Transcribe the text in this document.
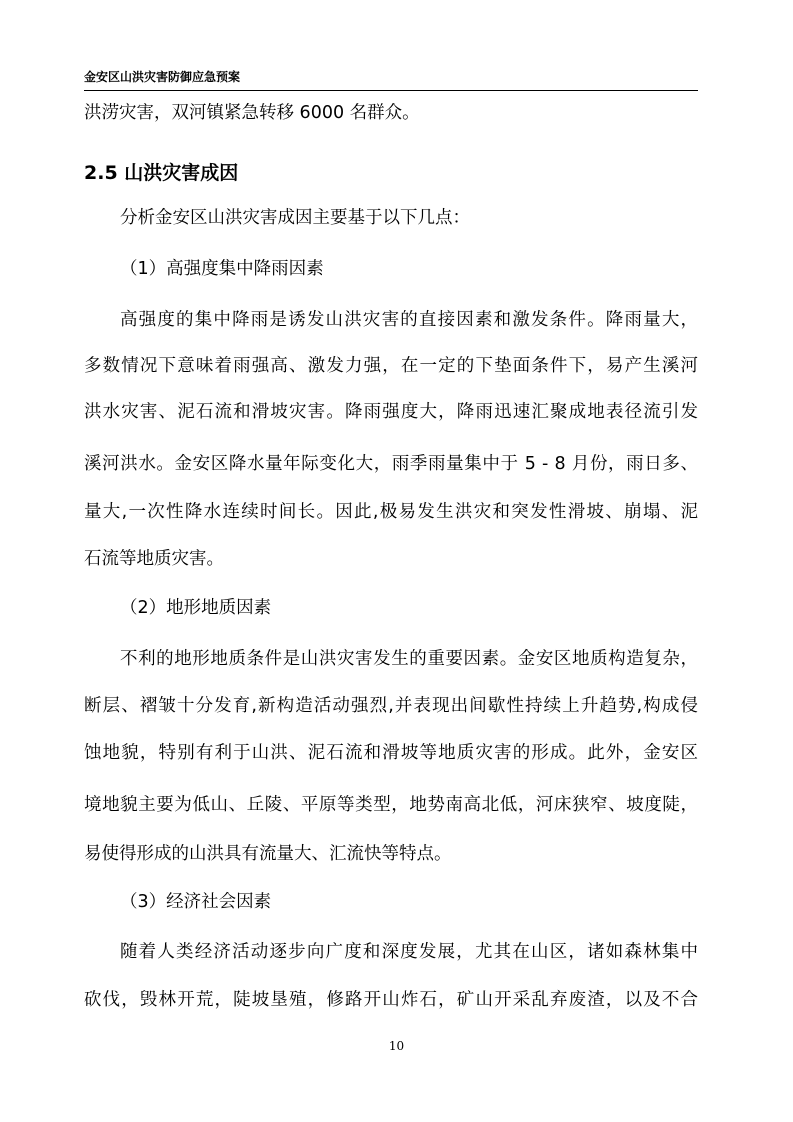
金安区山洪灾害防御应急预案
洪涝灾害，双河镇紧急转移 6000 名群众。
2.5 山洪灾害成因
分析金安区山洪灾害成因主要基于以下几点：
（1）高强度集中降雨因素
高强度的集中降雨是诱发山洪灾害的直接因素和激发条件。降雨量大，
多数情况下意味着雨强高、激发力强，在一定的下垫面条件下，易产生溪河
洪水灾害、泥石流和滑坡灾害。降雨强度大，降雨迅速汇聚成地表径流引发
溪河洪水。金安区降水量年际变化大，雨季雨量集中于 5 - 8 月份，雨日多、
量大,一次性降水连续时间长。因此,极易发生洪灾和突发性滑坡、崩塌、泥
石流等地质灾害。
（2）地形地质因素
不利的地形地质条件是山洪灾害发生的重要因素。金安区地质构造复杂，
断层、褶皱十分发育,新构造活动强烈,并表现出间歇性持续上升趋势,构成侵
蚀地貌，特别有利于山洪、泥石流和滑坡等地质灾害的形成。此外，金安区
境地貌主要为低山、丘陵、平原等类型，地势南高北低，河床狭窄、坡度陡，
易使得形成的山洪具有流量大、汇流快等特点。
（3）经济社会因素
随着人类经济活动逐步向广度和深度发展，尤其在山区，诸如森林集中
砍伐，毁林开荒，陡坡垦殖，修路开山炸石，矿山开采乱弃废渣，以及不合
10
